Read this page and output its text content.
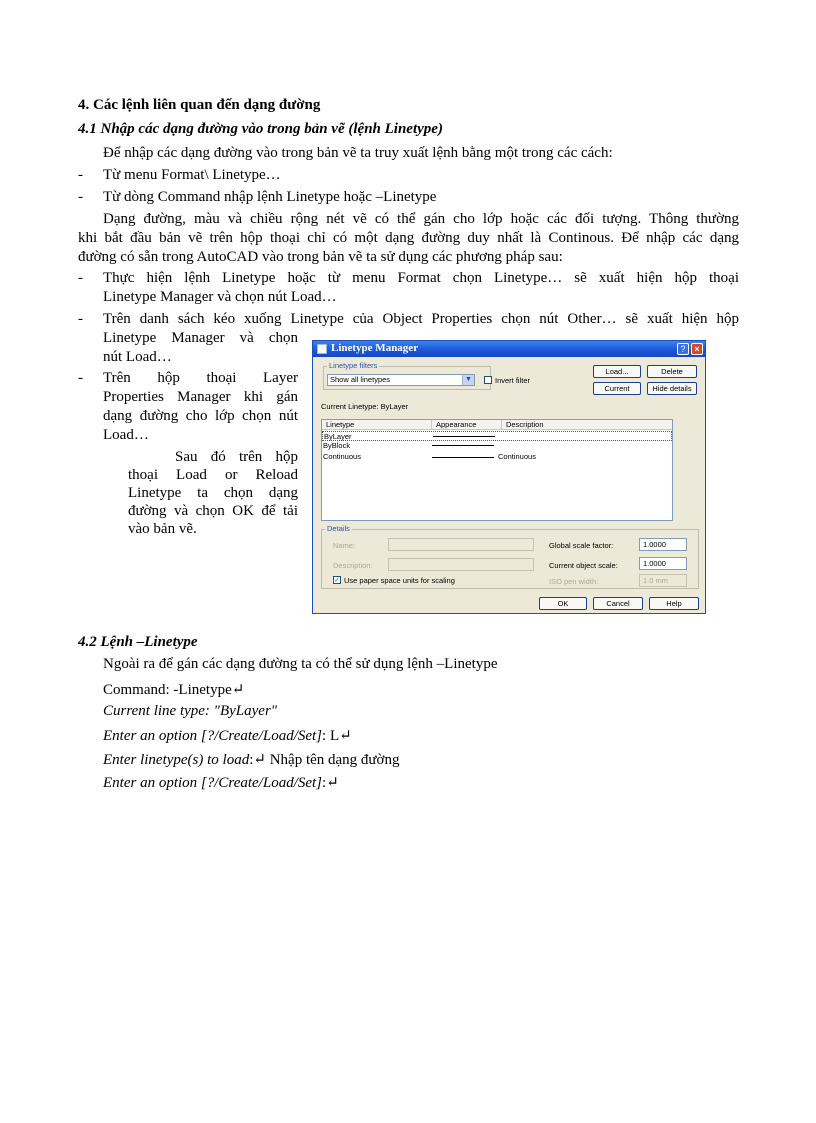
4. Các lệnh liên quan đến dạng đường
4.1 Nhập các dạng đường vào trong bản vẽ (lệnh Linetype)
Để nhập các dạng đường vào trong bản vẽ ta truy xuất lệnh bằng một trong các cách:
- Từ menu Format\ Linetype…
- Từ dòng Command nhập lệnh Linetype hoặc –Linetype
Dạng đường, màu và chiều rộng nét vẽ có thể gán cho lớp hoặc các đối tượng. Thông thường
khi bắt đầu bản vẽ trên hộp thoại chỉ có một dạng đường duy nhất là Continous. Để nhập các dạng
đường có sẵn trong AutoCAD vào trong bản vẽ ta sử dụng các phương pháp sau:
- Thực hiện lệnh Linetype hoặc từ menu Format chọn Linetype… sẽ xuất hiện hộp thoại
Linetype Manager và chọn nút Load…
- Trên danh sách kéo xuống Linetype của Object Properties chọn nút Other… sẽ xuất hiện hộp
Linetype Manager và chọn
nút Load…
- Trên hộp thoại Layer
Properties Manager khi gán
dạng đường cho lớp chọn nút
Load…
Sau đó trên hộp
thoại Load or Reload
Linetype ta chọn dạng
đường và chọn OK để tải
vào bản vẽ.
Linetype Manager	? ×
Linetype filters
Show all linetypes	▼	Invert filter
Load...	Delete
Current	Hide details
Current Linetype: ByLayer
Linetype	Appearance	Description
ByLayer
ByBlock
Continuous	Continuous
Details
Name:
Description:
Global scale factor:	1.0000
Current object scale:	1.0000
✓ Use paper space units for scaling	ISO pen width:	1.0 mm
OK	Cancel	Help
4.2 Lệnh –Linetype
Ngoài ra để gán các dạng đường ta có thể sử dụng lệnh –Linetype
Command: -Linetype↵
Current line type: "ByLayer"
Enter an option [?/Create/Load/Set]: L↵
Enter linetype(s) to load:↵ Nhập tên dạng đường
Enter an option [?/Create/Load/Set]:↵
